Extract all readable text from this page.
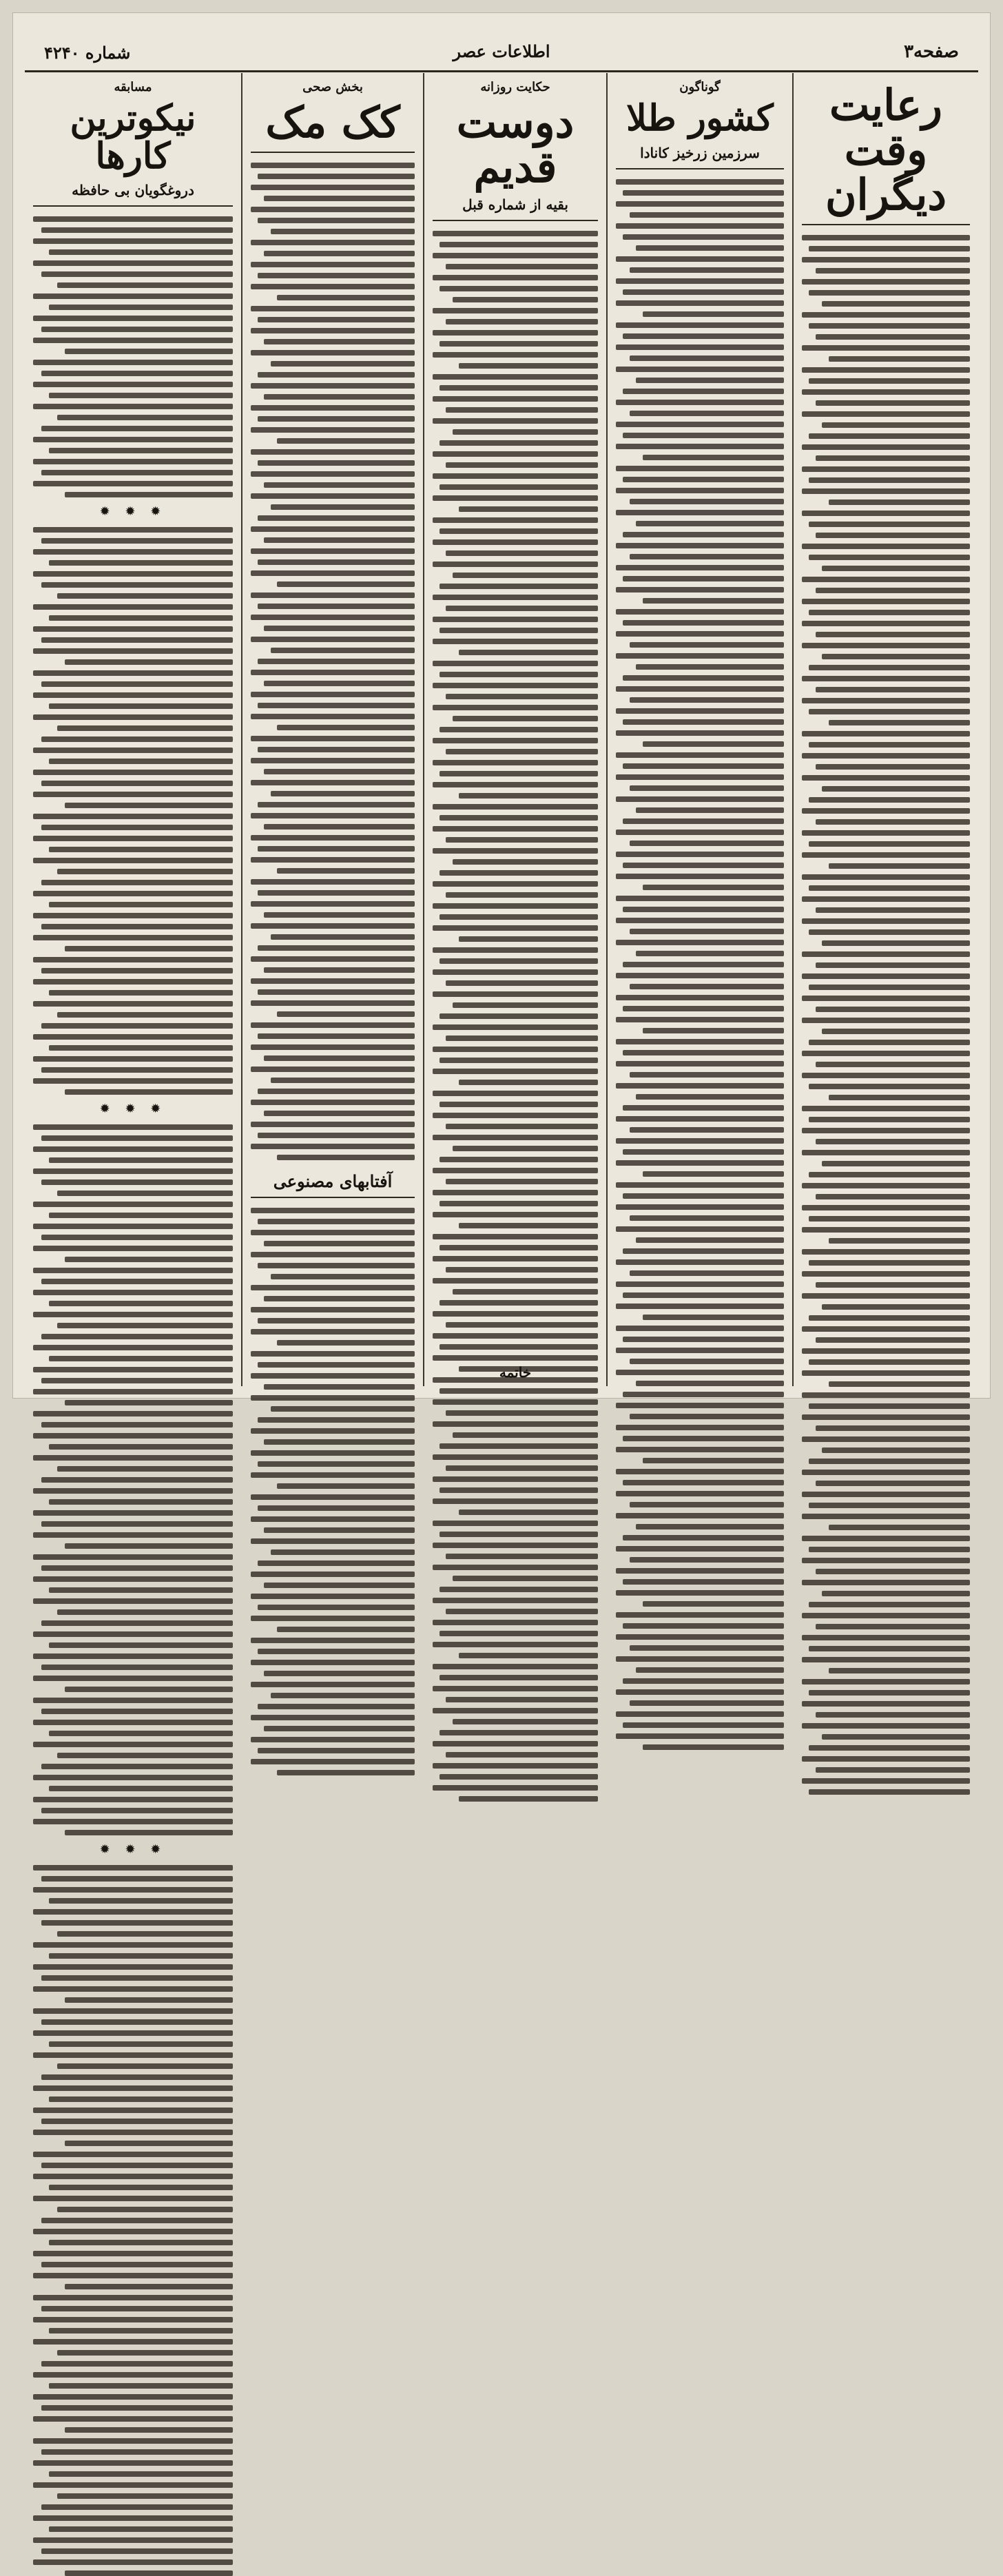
شماره ۴۲۴۰	اطلاعات عصر	صفحه۳
رعایت وقت دیگران
گوناگون
کشور طلا
سرزمین زرخیز کانادا
حکایت روزانه
دوست قدیم
بقیه از شماره قبل
خاتمه
بخش صحی
کک مک
آفتابهای مصنوعی
مسابقه
نیکوترین کارها
دروغگویان بی حافظه
✹ ✹ ✹
✹ ✹ ✹
✹ ✹ ✹
